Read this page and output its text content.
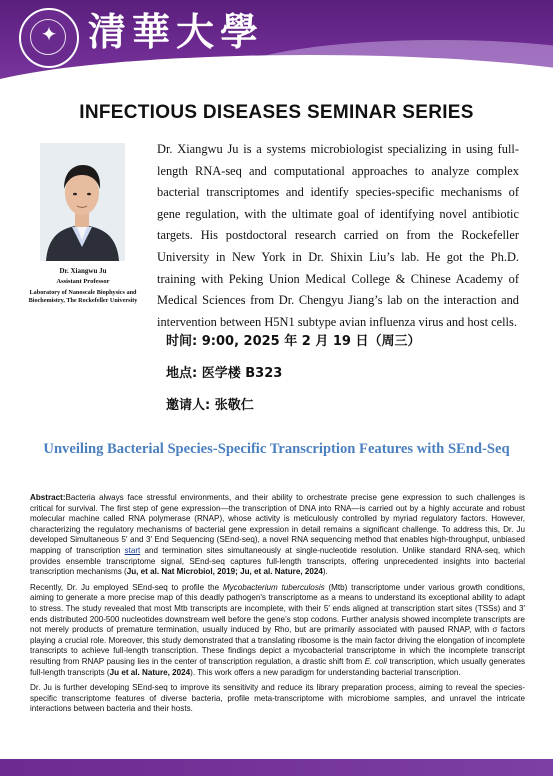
✦ 清華大學
INFECTIOUS DISEASES SEMINAR SERIES
Dr. Xiangwu Ju
Assistant Professor
Laboratory of Nanoscale Biophysics and
Biochemistry, The Rockefeller University
Dr. Xiangwu Ju is a systems microbiologist specializing in using full-length RNA-seq and computational approaches to analyze complex bacterial transcriptomes and identify species-specific mechanisms of gene regulation, with the ultimate goal of identifying novel antibiotic targets. His postdoctoral research carried on from the Rockefeller University in New York in Dr. Shixin Liu’s lab. He got the Ph.D. training with Peking Union Medical College & Chinese Academy of Medical Sciences from Dr. Chengyu Jiang’s lab on the interaction and intervention between H5N1 subtype avian influenza virus and host cells.
时间: 9:00, 2025 年 2 月 19 日（周三）
地点: 医学楼 B323
邀请人: 张敬仁
Unveiling Bacterial Species-Specific Transcription Features with SEnd-Seq

Abstract:Bacteria always face stressful environments, and their ability to orchestrate precise gene expression to such challenges is critical for survival. The first step of gene expression—the transcription of DNA into RNA—is carried out by a highly accurate and robust molecular machine called RNA polymerase (RNAP), whose activity is meticulously controlled by myriad regulatory factors. However, characterizing the regulatory mechanisms of bacterial gene expression in detail remains a significant challenge. To address this, Dr. Ju developed Simultaneous 5′ and 3′ End Sequencing (SEnd-seq), a novel RNA sequencing method that enables high-throughput, unbiased mapping of transcription start and termination sites simultaneously at single-nucleotide resolution. Unlike standard RNA-seq, which provides ensemble transcriptome signal, SEnd-seq captures full-length transcripts, offering unprecedented insights into bacterial transcription mechanisms (Ju, et al. Nat Microbiol, 2019; Ju, et al. Nature, 2024).

Recently, Dr. Ju employed SEnd-seq to profile the Mycobacterium tuberculosis (Mtb) transcriptome under various growth conditions, aiming to generate a more precise map of this deadly pathogen's transcriptome as a means to understand its exceptional ability to adapt to stress. The study revealed that most Mtb transcripts are incomplete, with their 5′ ends aligned at transcription start sites (TSSs) and 3′ ends distributed 200-500 nucleotides downstream well before the gene’s stop codons. Further analysis showed incomplete transcripts are not merely products of premature termination, usually induced by Rho, but are primarily associated with paused RNAP, with σ factors playing a crucial role. Moreover, this study demonstrated that a translating ribosome is the main factor driving the elongation of incomplete transcripts to achieve full-length transcription. These findings depict a mycobacterial transcriptome in which the incomplete transcript resulting from RNAP pausing lies in the center of transcription regulation, a drastic shift from E. coli transcription, which usually generates full-length transcripts (Ju et al. Nature, 2024). This work offers a new paradigm for understanding bacterial transcription.

Dr. Ju is further developing SEnd-seq to improve its sensitivity and reduce its library preparation process, aiming to reveal the species-specific transcriptome features of diverse bacteria, profile meta-transcriptome with microbiome samples, and unravel the intricate interactions between bacteria and their hosts.
